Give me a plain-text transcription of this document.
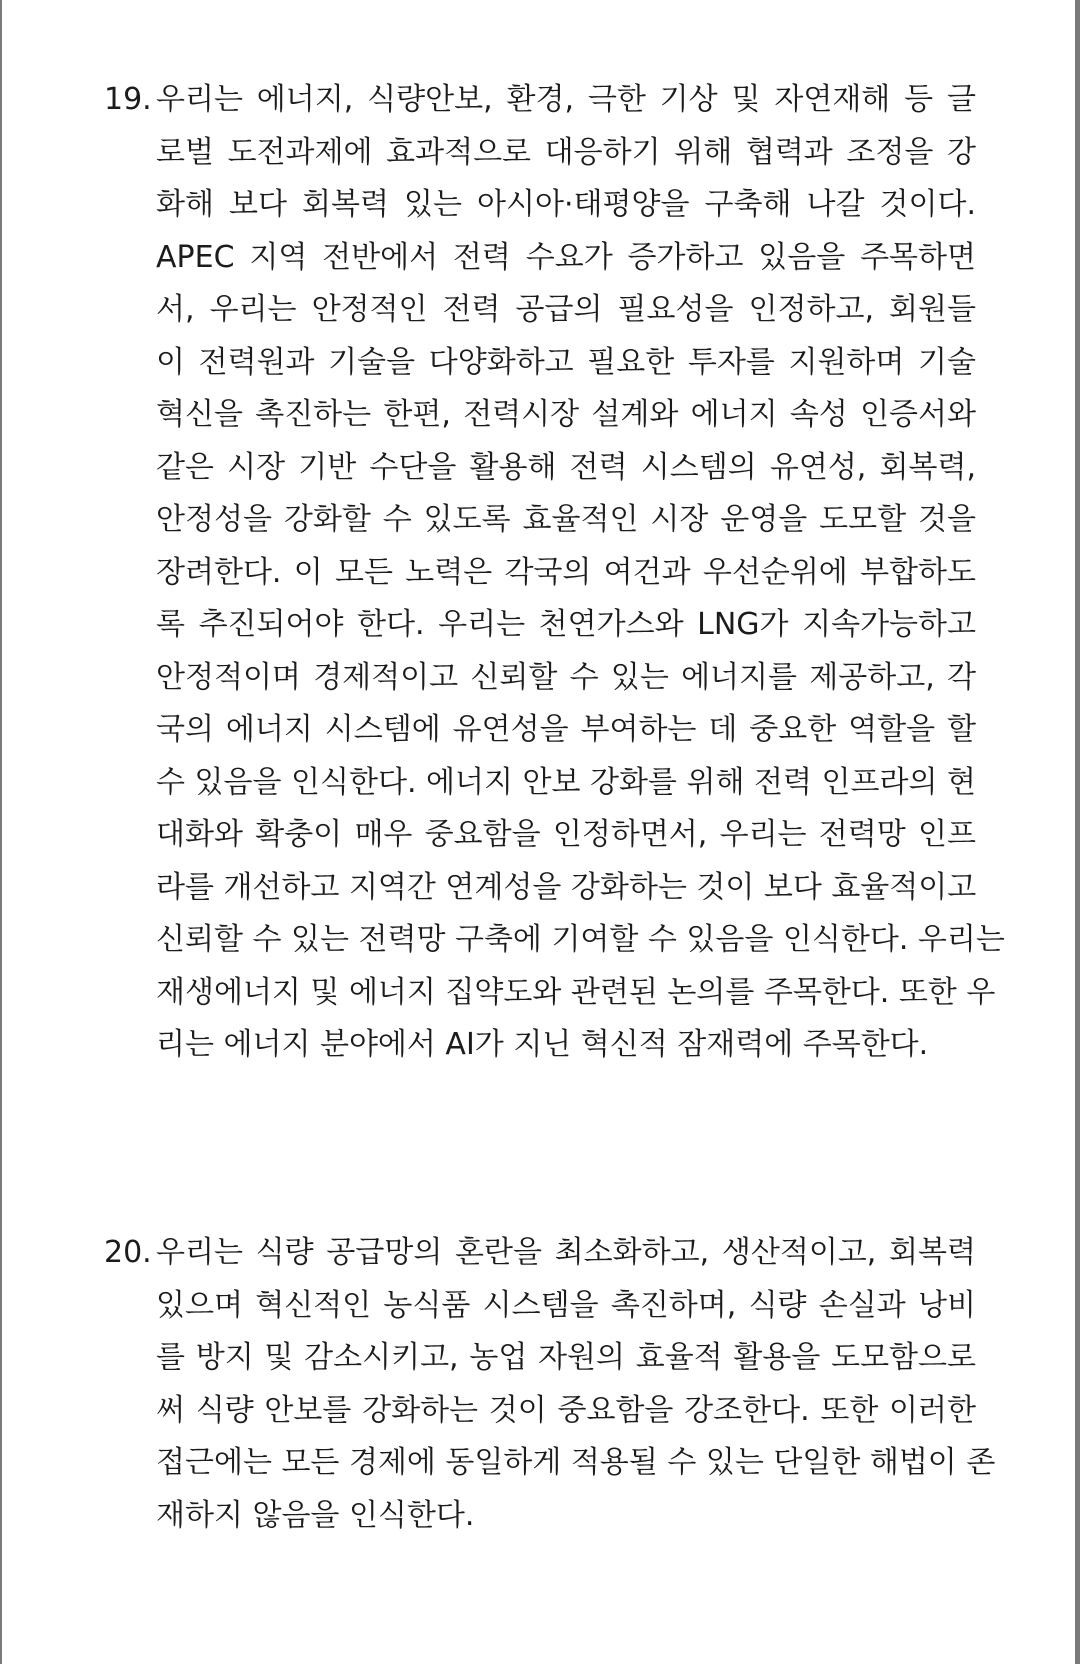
19. 우리는 에너지, 식량안보, 환경, 극한 기상 및 자연재해 등 글
로벌 도전과제에 효과적으로 대응하기 위해 협력과 조정을 강
화해 보다 회복력 있는 아시아·태평양을 구축해 나갈 것이다.
APEC 지역 전반에서 전력 수요가 증가하고 있음을 주목하면
서, 우리는 안정적인 전력 공급의 필요성을 인정하고, 회원들
이 전력원과 기술을 다양화하고 필요한 투자를 지원하며 기술
혁신을 촉진하는 한편, 전력시장 설계와 에너지 속성 인증서와
같은 시장 기반 수단을 활용해 전력 시스템의 유연성, 회복력,
안정성을 강화할 수 있도록 효율적인 시장 운영을 도모할 것을
장려한다. 이 모든 노력은 각국의 여건과 우선순위에 부합하도
록 추진되어야 한다. 우리는 천연가스와 LNG가 지속가능하고
안정적이며 경제적이고 신뢰할 수 있는 에너지를 제공하고, 각
국의 에너지 시스템에 유연성을 부여하는 데 중요한 역할을 할
수 있음을 인식한다. 에너지 안보 강화를 위해 전력 인프라의 현
대화와 확충이 매우 중요함을 인정하면서, 우리는 전력망 인프
라를 개선하고 지역간 연계성을 강화하는 것이 보다 효율적이고
신뢰할 수 있는 전력망 구축에 기여할 수 있음을 인식한다. 우리는
재생에너지 및 에너지 집약도와 관련된 논의를 주목한다. 또한 우
리는 에너지 분야에서 AI가 지닌 혁신적 잠재력에 주목한다.
20. 우리는 식량 공급망의 혼란을 최소화하고, 생산적이고, 회복력
있으며 혁신적인 농식품 시스템을 촉진하며, 식량 손실과 낭비
를 방지 및 감소시키고, 농업 자원의 효율적 활용을 도모함으로
써 식량 안보를 강화하는 것이 중요함을 강조한다. 또한 이러한
접근에는 모든 경제에 동일하게 적용될 수 있는 단일한 해법이 존
재하지 않음을 인식한다.
